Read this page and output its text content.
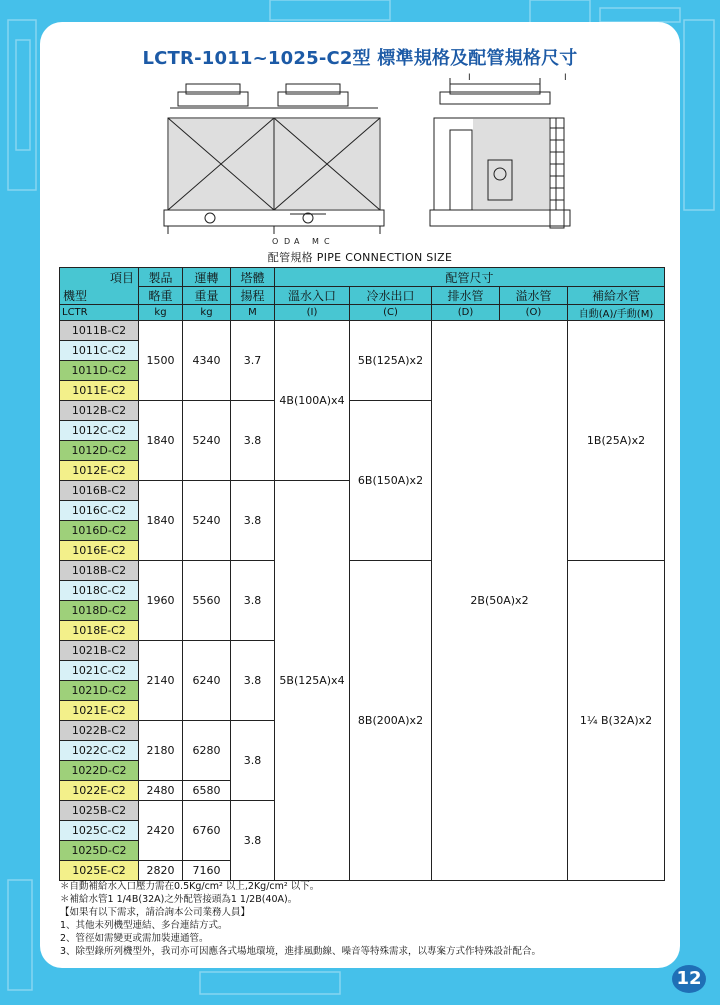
LCTR-1011~1025-C2型 標準規格及配管規格尺寸
I	I
O D A M C
配管規格 PIPE CONNECTION SIZE
項目
機型	製品	運轉	塔體	配管尺寸				
	略重	重量	揚程	溫水入口	冷水出口	排水管	溢水管	補給水管
LCTR	kg	kg	M	(I)	(C)	(D)	(O)	自動(A)/手動(M)
1011B-C2	1500	4340	3.7	4B(100A)x4	5B(125A)x2	2B(50A)x2		1B(25A)x2
1011C-C2								
1011D-C2								
1011E-C2								
1012B-C2	1840	5240	3.8		6B(150A)x2			
1012C-C2								
1012D-C2								
1012E-C2								
1016B-C2	1840	5240	3.8	5B(125A)x4				
1016C-C2								
1016D-C2								
1016E-C2								
1018B-C2	1960	5560	3.8		8B(200A)x2			1¼ B(32A)x2
1018C-C2								
1018D-C2								
1018E-C2								
1021B-C2	2140	6240	3.8					
1021C-C2								
1021D-C2								
1021E-C2								
1022B-C2	2180	6280	3.8					
1022C-C2								
1022D-C2								
1022E-C2	2480	6580						
1025B-C2	2420	6760	3.8					
1025C-C2								
1025D-C2								
1025E-C2	2820	7160						
＊自動補給水入口壓力需在0.5Kg/cm² 以上,2Kg/cm² 以下。
＊補給水管1 1/4B(32A)之外配管接頭為1 1/2B(40A)。
【如果有以下需求，請洽詢本公司業務人員】
1、其他未列機型連結、多台連結方式。
2、管徑如需變更或需加裝連通管。
3、除型錄所列機型外，我司亦可因應各式場地環境，進排風動線、噪音等特殊需求，以專案方式作特殊設計配合。
12
